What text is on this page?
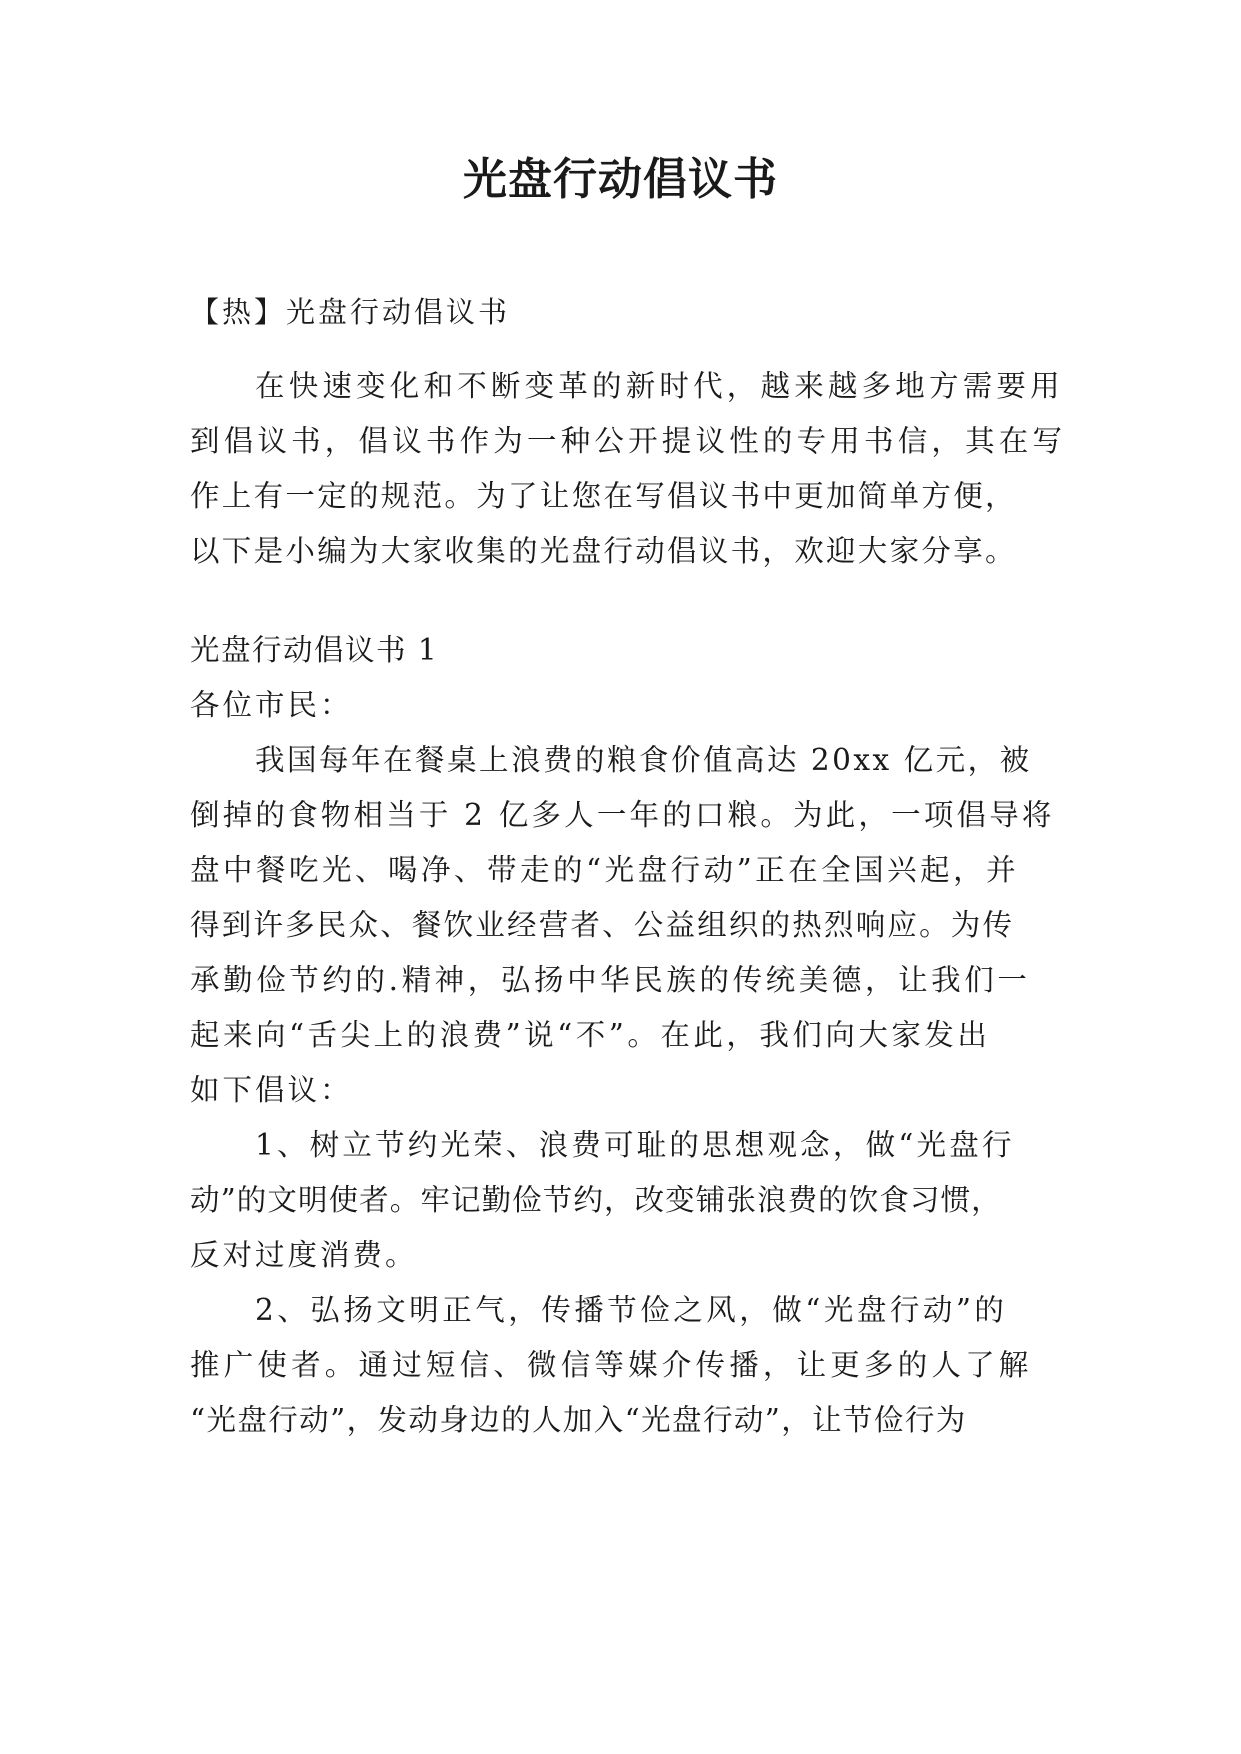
光盘行动倡议书
【热】光盘行动倡议书
在快速变化和不断变革的新时代，越来越多地方需要用
到倡议书，倡议书作为一种公开提议性的专用书信，其在写
作上有一定的规范。为了让您在写倡议书中更加简单方便，
以下是小编为大家收集的光盘行动倡议书，欢迎大家分享。
光盘行动倡议书 1
各位市民：
我国每年在餐桌上浪费的粮食价值高达 20xx 亿元，被
倒掉的食物相当于 2 亿多人一年的口粮。为此，一项倡导将
盘中餐吃光、喝净、带走的“光盘行动”正在全国兴起，并
得到许多民众、餐饮业经营者、公益组织的热烈响应。为传
承勤俭节约的.精神，弘扬中华民族的传统美德，让我们一
起来向“舌尖上的浪费”说“不”。在此，我们向大家发出
如下倡议：
1、树立节约光荣、浪费可耻的思想观念，做“光盘行
动”的文明使者。牢记勤俭节约，改变铺张浪费的饮食习惯，
反对过度消费。
2、弘扬文明正气，传播节俭之风，做“光盘行动”的
推广使者。通过短信、微信等媒介传播，让更多的人了解
“光盘行动”，发动身边的人加入“光盘行动”，让节俭行为
